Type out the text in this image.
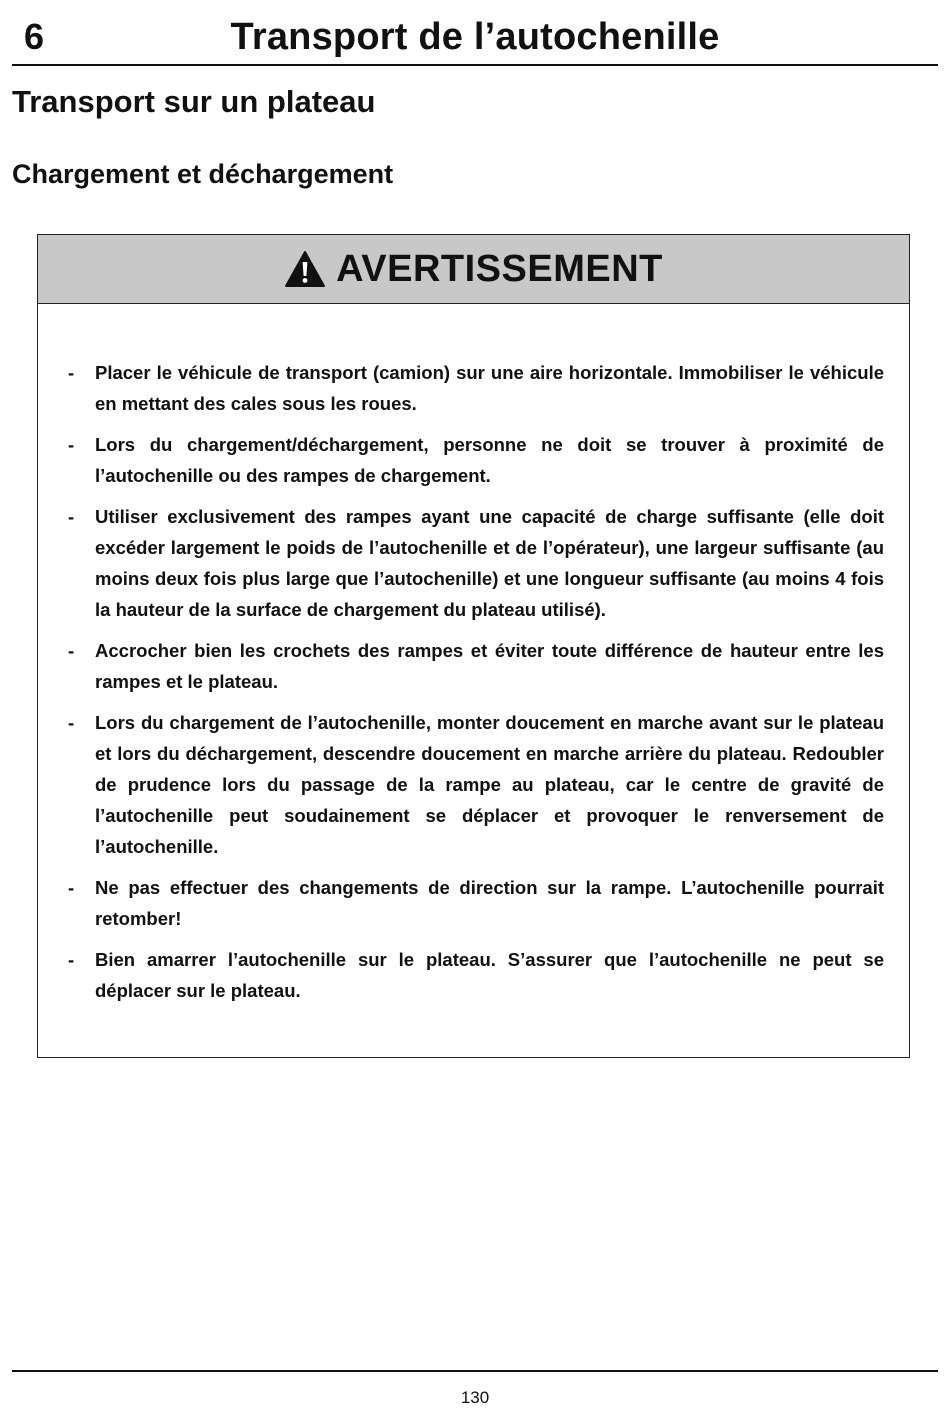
6	Transport de l’autochenille
Transport sur un plateau
Chargement et déchargement
AVERTISSEMENT
- Placer le véhicule de transport (camion) sur une aire horizontale. Immobiliser le véhicule en mettant des cales sous les roues.
- Lors du chargement/déchargement, personne ne doit se trouver à proximité de l’autochenille ou des rampes de chargement.
- Utiliser exclusivement des rampes ayant une capacité de charge suffisante (elle doit excéder largement le poids de l’autochenille et de l’opérateur), une largeur suffisante (au moins deux fois plus large que l’autochenille) et une longueur suffisante (au moins 4 fois la hauteur de la surface de chargement du plateau utilisé).
- Accrocher bien les crochets des rampes et éviter toute différence de hauteur entre les rampes et le plateau.
- Lors du chargement de l’autochenille, monter doucement en marche avant sur le plateau et lors du déchargement, descendre doucement en marche arrière du plateau. Redoubler de prudence lors du passage de la rampe au plateau, car le centre de gravité de l’autochenille peut soudainement se déplacer et provoquer le renversement de l’autochenille.
- Ne pas effectuer des changements de direction sur la rampe. L’autochenille pourrait retomber!
- Bien amarrer l’autochenille sur le plateau. S’assurer que l’autochenille ne peut se déplacer sur le plateau.
130
